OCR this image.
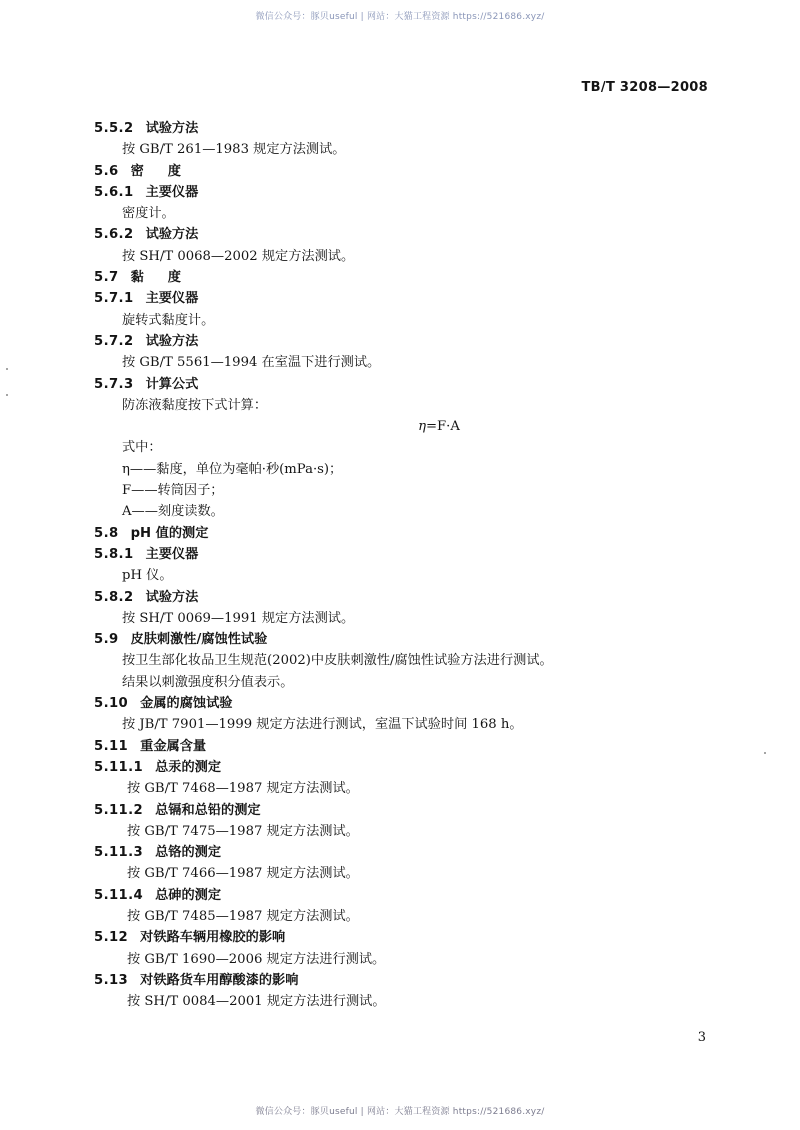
微信公众号：豚贝useful | 网站：大猫工程资源 https://521686.xyz/
TB/T 3208—2008
5.5.2 试验方法
按 GB/T 261—1983 规定方法测试。
5.6 密度
5.6.1 主要仪器
密度计。
5.6.2 试验方法
按 SH/T 0068—2002 规定方法测试。
5.7 黏度
5.7.1 主要仪器
旋转式黏度计。
5.7.2 试验方法
按 GB/T 5561—1994 在室温下进行测试。
5.7.3 计算公式
防冻液黏度按下式计算：
η=F·A
式中：
η——黏度，单位为毫帕·秒(mPa·s)；
F——转筒因子；
A——刻度读数。
5.8 pH 值的测定
5.8.1 主要仪器
pH 仪。
5.8.2 试验方法
按 SH/T 0069—1991 规定方法测试。
5.9 皮肤刺激性/腐蚀性试验
按卫生部化妆品卫生规范(2002)中皮肤刺激性/腐蚀性试验方法进行测试。
结果以刺激强度积分值表示。
5.10 金属的腐蚀试验
按 JB/T 7901—1999 规定方法进行测试，室温下试验时间 168 h。
5.11 重金属含量
5.11.1 总汞的测定
按 GB/T 7468—1987 规定方法测试。
5.11.2 总镉和总铅的测定
按 GB/T 7475—1987 规定方法测试。
5.11.3 总铬的测定
按 GB/T 7466—1987 规定方法测试。
5.11.4 总砷的测定
按 GB/T 7485—1987 规定方法测试。
5.12 对铁路车辆用橡胶的影响
按 GB/T 1690—2006 规定方法进行测试。
5.13 对铁路货车用醇酸漆的影响
按 SH/T 0084—2001 规定方法进行测试。
3
微信公众号：豚贝useful | 网站：大猫工程资源 https://521686.xyz/
